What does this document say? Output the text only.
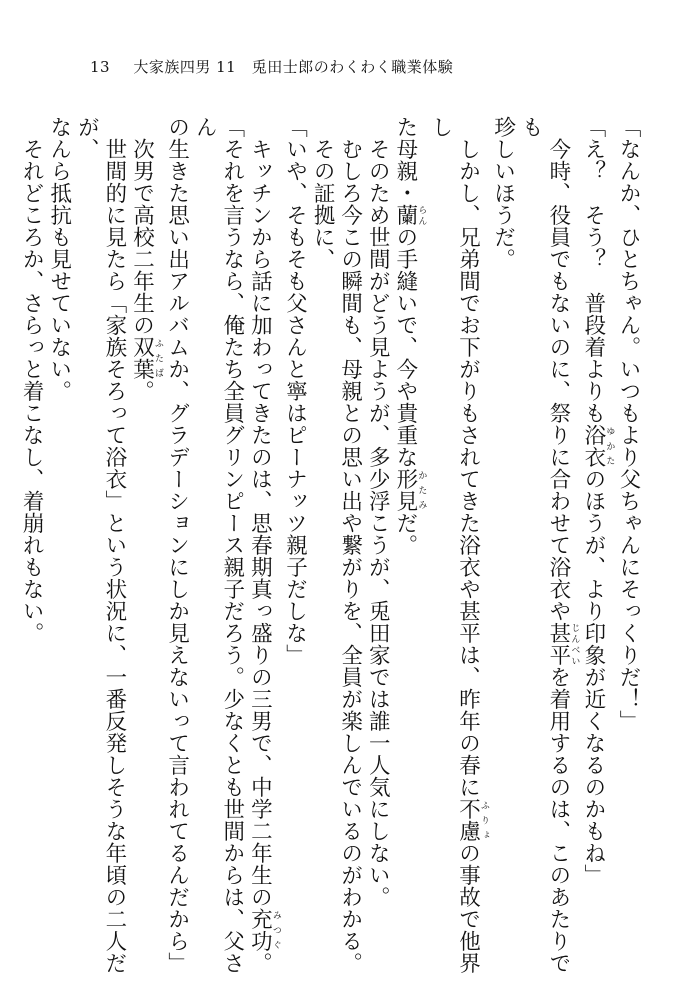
13 大家族四男 11　兎田士郎のわくわく職業体験

「なんか、ひとちゃん。いつもより父ちゃんにそっくりだ！」

「え？　そう？　普段着よりも浴衣ゆかたのほうが、より印象が近くなるのかもね」

今時、役員でもないのに、祭りに合わせて浴衣や甚平じんべいを着用するのは、このあたりでも

珍しいほうだ。

しかし、兄弟間でお下がりもされてきた浴衣や甚平は、昨年の春に不慮ふりょの事故で他界し

た母親・蘭らんの手縫いで、今や貴重な形見かたみだ。

そのため世間がどう見ようが、多少浮こうが、兎田家では誰一人気にしない。

むしろ今この瞬間も、母親との思い出や繋がりを、全員が楽しんでいるのがわかる。

その証拠に、

「いや、そもそも父さんと寧はピーナッツ親子だしな」

キッチンから話に加わってきたのは、思春期真っ盛りの三男で、中学二年生の充功みつぐ。

「それを言うなら、俺たち全員グリンピース親子だろう。少なくとも世間からは、父さん

の生きた思い出アルバムか、グラデーションにしか見えないって言われてるんだから」

次男で高校二年生の双葉ふたば。

世間的に見たら「家族そろって浴衣」という状況に、一番反発しそうな年頃の二人だが、

なんら抵抗も見せていない。

それどころか、さらっと着こなし、着崩れもない。
